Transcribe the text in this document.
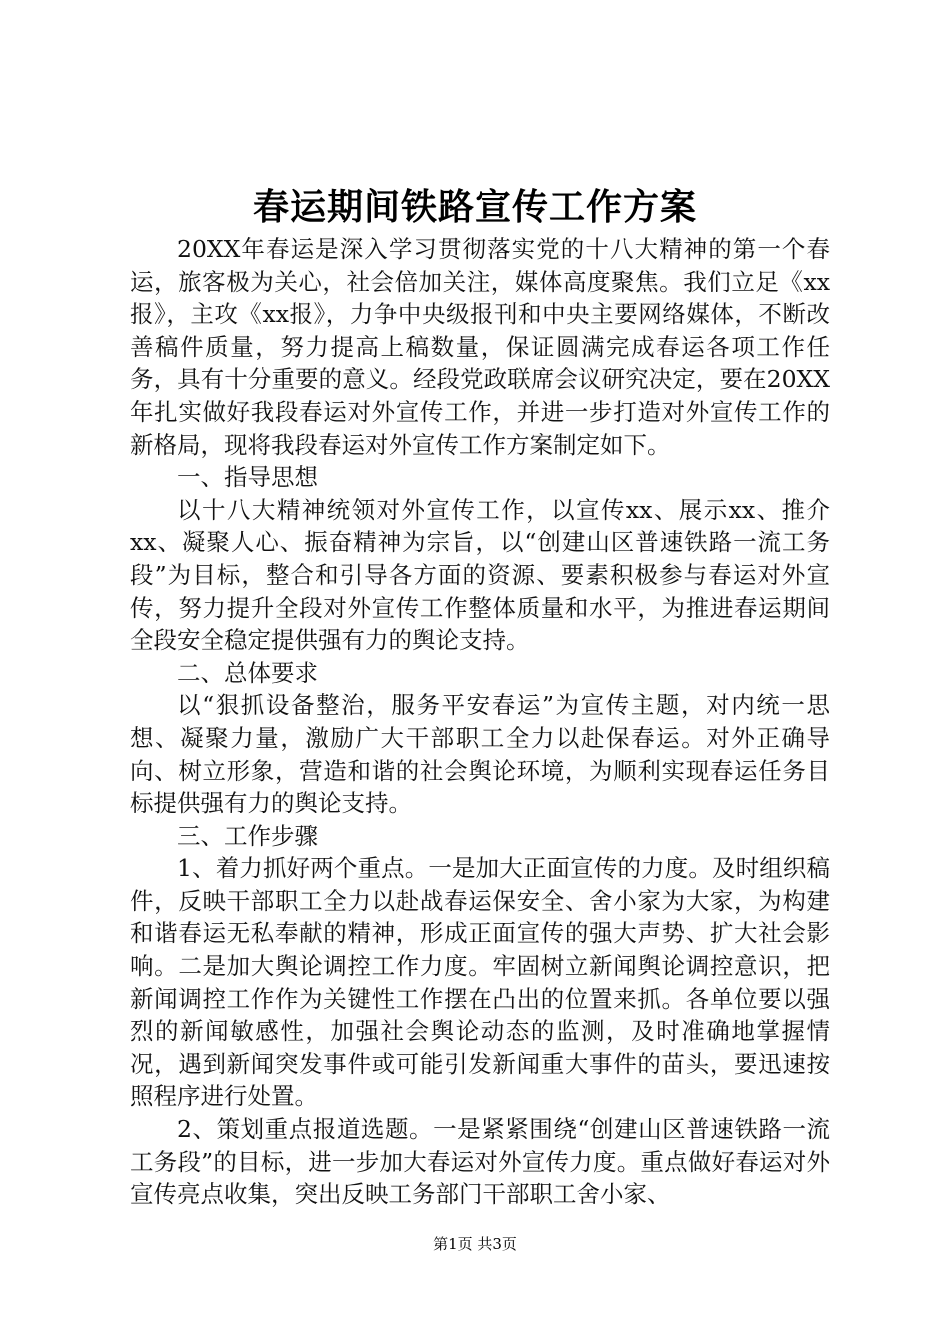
春运期间铁路宣传工作方案

20XX年春运是深入学习贯彻落实党的十八大精神的第一个春运，旅客极为关心，社会倍加关注，媒体高度聚焦。我们立足《xx报》，主攻《xx报》，力争中央级报刊和中央主要网络媒体，不断改善稿件质量，努力提高上稿数量，保证圆满完成春运各项工作任务，具有十分重要的意义。经段党政联席会议研究决定，要在20XX年扎实做好我段春运对外宣传工作，并进一步打造对外宣传工作的新格局，现将我段春运对外宣传工作方案制定如下。

一、指导思想

以十八大精神统领对外宣传工作，以宣传xx、展示xx、推介xx、凝聚人心、振奋精神为宗旨，以“创建山区普速铁路一流工务段”为目标，整合和引导各方面的资源、要素积极参与春运对外宣传，努力提升全段对外宣传工作整体质量和水平，为推进春运期间全段安全稳定提供强有力的舆论支持。

二、总体要求

以“狠抓设备整治，服务平安春运”为宣传主题，对内统一思想、凝聚力量，激励广大干部职工全力以赴保春运。对外正确导向、树立形象，营造和谐的社会舆论环境，为顺利实现春运任务目标提供强有力的舆论支持。

三、工作步骤

1、着力抓好两个重点。一是加大正面宣传的力度。及时组织稿件，反映干部职工全力以赴战春运保安全、舍小家为大家，为构建和谐春运无私奉献的精神，形成正面宣传的强大声势、扩大社会影响。二是加大舆论调控工作力度。牢固树立新闻舆论调控意识，把新闻调控工作作为关键性工作摆在凸出的位置来抓。各单位要以强烈的新闻敏感性，加强社会舆论动态的监测，及时准确地掌握情况，遇到新闻突发事件或可能引发新闻重大事件的苗头，要迅速按照程序进行处置。

2、策划重点报道选题。一是紧紧围绕“创建山区普速铁路一流工务段”的目标，进一步加大春运对外宣传力度。重点做好春运对外宣传亮点收集，突出反映工务部门干部职工舍小家、

第1页 共3页
